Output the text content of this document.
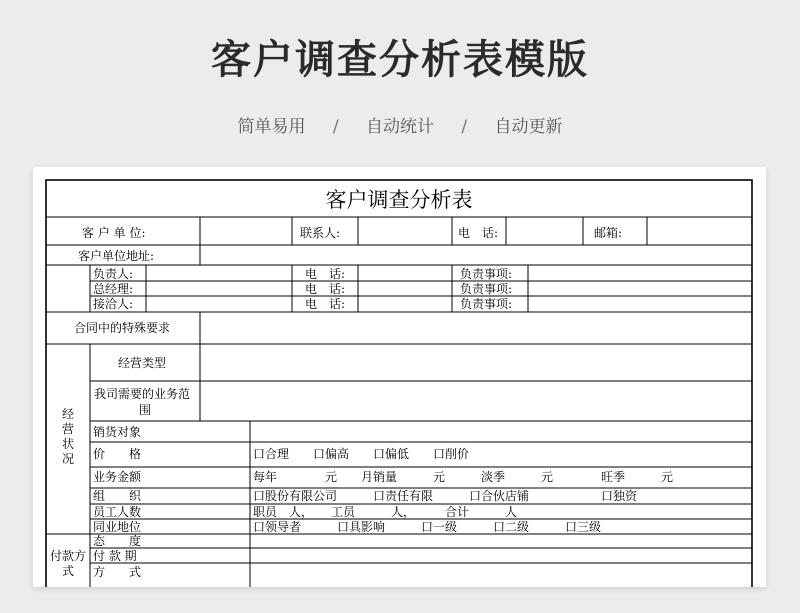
客户调查分析表模版
简单易用 / 自动统计 / 自动更新
客户调查分析表
客 户 单 位:	联系人:	电　话:	邮箱:
客户单位地址:
负责人:	电　话:	负责事项:
总经理:	电　话:	负责事项:
接洽人:	电　话:	负责事项:
合同中的特殊要求
经营状况
经营类型
我司需要的业务范
围
销货对象
价　　格	口合理　　口偏高　　口偏低　　口削价
业务金额	每年　　　　元　　月销量　　　元　　　淡季　　　元　　　　旺季　　　元
组　　织	口股份有限公司　　　口责任有限　　　口合伙店铺　　　　　　口独资
员工人数	职员　人，　　工员　　　人，　　　合计　　　人
同业地位	口领导者　　　口具影响　　　口一级　　　口二级　　　口三级
付款方
式
态　　度
付 款 期
方　　式
